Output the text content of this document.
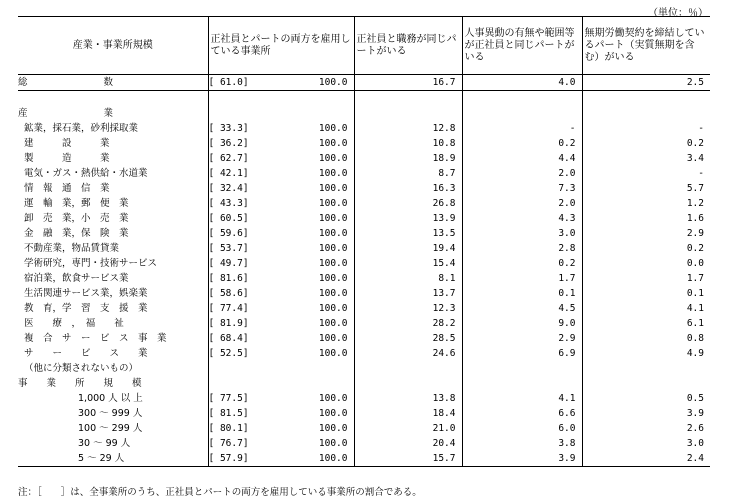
（単位：％）
産業・事業所規模	正社員とパートの両方を雇用している事業所	正社員と職務が同じパートがいる	人事異動の有無や範囲等が正社員と同じパートがいる	無期労働契約を締結しているパート（実質無期を含む）がいる
総　　　　　　　　数	[ 61.0] 100.0	16.7	4.0	2.5

産　　　　　　　　業				
鉱業，採石業，砂利採取業	[ 33.3] 100.0	12.8	-	-
建　　　設　　　業	[ 36.2] 100.0	10.8	0.2	0.2
製　　　造　　　業	[ 62.7] 100.0	18.9	4.4	3.4
電気・ガス・熱供給・水道業	[ 42.1] 100.0	8.7	2.0	-
情　報　通　信　業	[ 32.4] 100.0	16.3	7.3	5.7
運　輸　業，郵　便　業	[ 43.3] 100.0	26.8	2.0	1.2
卸　売　業，小　売　業	[ 60.5] 100.0	13.9	4.3	1.6
金　融　業，保　険　業	[ 59.6] 100.0	13.5	3.0	2.9
不動産業，物品賃貸業	[ 53.7] 100.0	19.4	2.8	0.2
学術研究，専門・技術サービス	[ 49.7] 100.0	15.4	0.2	0.0
宿泊業，飲食サービス業	[ 81.6] 100.0	8.1	1.7	1.7
生活関連サービス業，娯楽業	[ 58.6] 100.0	13.7	0.1	0.1
教　育，学　習　支　援　業	[ 77.4] 100.0	12.3	4.5	4.1
医　　療　，　福　　祉	[ 81.9] 100.0	28.2	9.0	6.1
複　合　サ　ー　ビ　ス　事　業	[ 68.4] 100.0	28.5	2.9	0.8
サ　　ー　　ビ　　ス　　業	[ 52.5] 100.0	24.6	6.9	4.9
（他に分類されないもの）				
事　　業　　所　　規　　模				
1,000 人 以 上	[ 77.5] 100.0	13.8	4.1	0.5
300 〜 999 人	[ 81.5] 100.0	18.4	6.6	3.9
100 〜 299 人	[ 80.1] 100.0	21.0	6.0	2.6
30 〜 99 人	[ 76.7] 100.0	20.4	3.8	3.0
5 〜 29 人	[ 57.9] 100.0	15.7	3.9	2.4
注：［　　］は、全事業所のうち、正社員とパートの両方を雇用している事業所の割合である。
